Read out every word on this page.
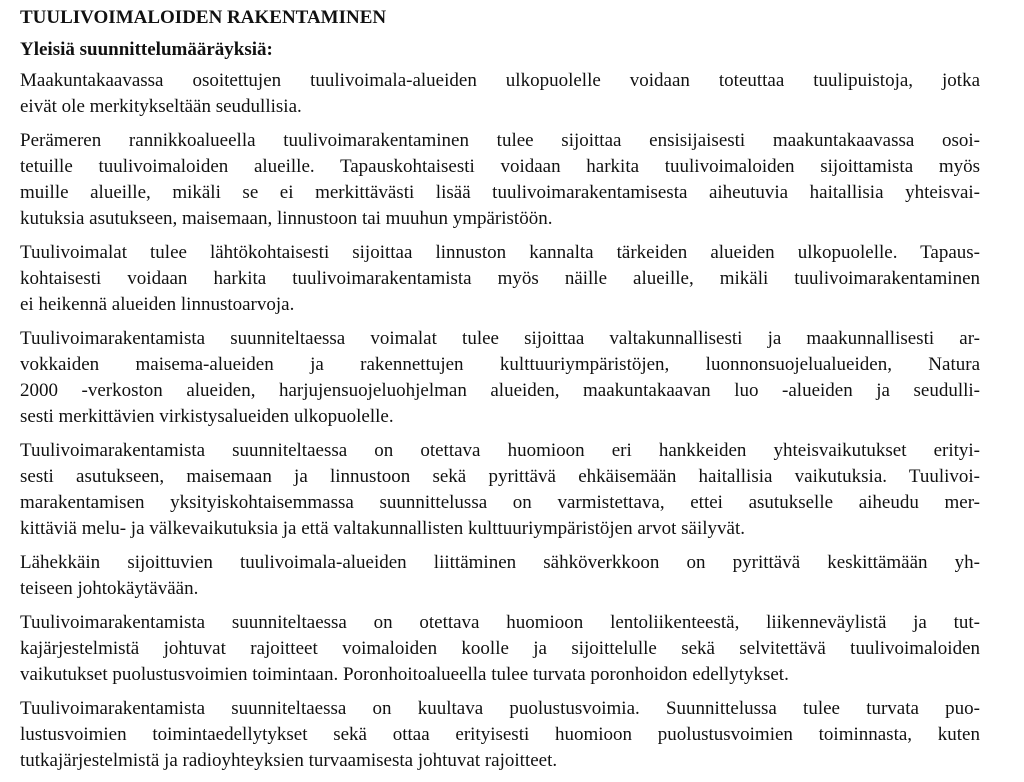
TUULIVOIMALOIDEN RAKENTAMINEN
Yleisiä suunnittelumääräyksiä:

Maakuntakaavassa osoitettujen tuulivoimala-alueiden ulkopuolelle voidaan toteuttaa tuulipuistoja, jotka
eivät ole merkitykseltään seudullisia.

Perämeren rannikkoalueella tuulivoimarakentaminen tulee sijoittaa ensisijaisesti maakuntakaavassa osoi-
tetuille tuulivoimaloiden alueille. Tapauskohtaisesti voidaan harkita tuulivoimaloiden sijoittamista myös
muille alueille, mikäli se ei merkittävästi lisää tuulivoimarakentamisesta aiheutuvia haitallisia yhteisvai-
kutuksia asutukseen, maisemaan, linnustoon tai muuhun ympäristöön.

Tuulivoimalat tulee lähtökohtaisesti sijoittaa linnuston kannalta tärkeiden alueiden ulkopuolelle. Tapaus-
kohtaisesti voidaan harkita tuulivoimarakentamista myös näille alueille, mikäli tuulivoimarakentaminen
ei heikennä alueiden linnustoarvoja.

Tuulivoimarakentamista suunniteltaessa voimalat tulee sijoittaa valtakunnallisesti ja maakunnallisesti ar-
vokkaiden maisema-alueiden ja rakennettujen kulttuuriympäristöjen, luonnonsuojelualueiden, Natura
2000 -verkoston alueiden, harjujensuojeluohjelman alueiden, maakuntakaavan luo -alueiden ja seudulli-
sesti merkittävien virkistysalueiden ulkopuolelle.

Tuulivoimarakentamista suunniteltaessa on otettava huomioon eri hankkeiden yhteisvaikutukset erityi-
sesti asutukseen, maisemaan ja linnustoon sekä pyrittävä ehkäisemään haitallisia vaikutuksia. Tuulivoi-
marakentamisen yksityiskohtaisemmassa suunnittelussa on varmistettava, ettei asutukselle aiheudu mer-
kittäviä melu- ja välkevaikutuksia ja että valtakunnallisten kulttuuriympäristöjen arvot säilyvät.

Lähekkäin sijoittuvien tuulivoimala-alueiden liittäminen sähköverkkoon on pyrittävä keskittämään yh-
teiseen johtokäytävään.

Tuulivoimarakentamista suunniteltaessa on otettava huomioon lentoliikenteestä, liikenneväylistä ja tut-
kajärjestelmistä johtuvat rajoitteet voimaloiden koolle ja sijoittelulle sekä selvitettävä tuulivoimaloiden
vaikutukset puolustusvoimien toimintaan. Poronhoitoalueella tulee turvata poronhoidon edellytykset.

Tuulivoimarakentamista suunniteltaessa on kuultava puolustusvoimia. Suunnittelussa tulee turvata puo-
lustusvoimien toimintaedellytykset sekä ottaa erityisesti huomioon puolustusvoimien toiminnasta, kuten
tutkajärjestelmistä ja radioyhteyksien turvaamisesta johtuvat rajoitteet.
